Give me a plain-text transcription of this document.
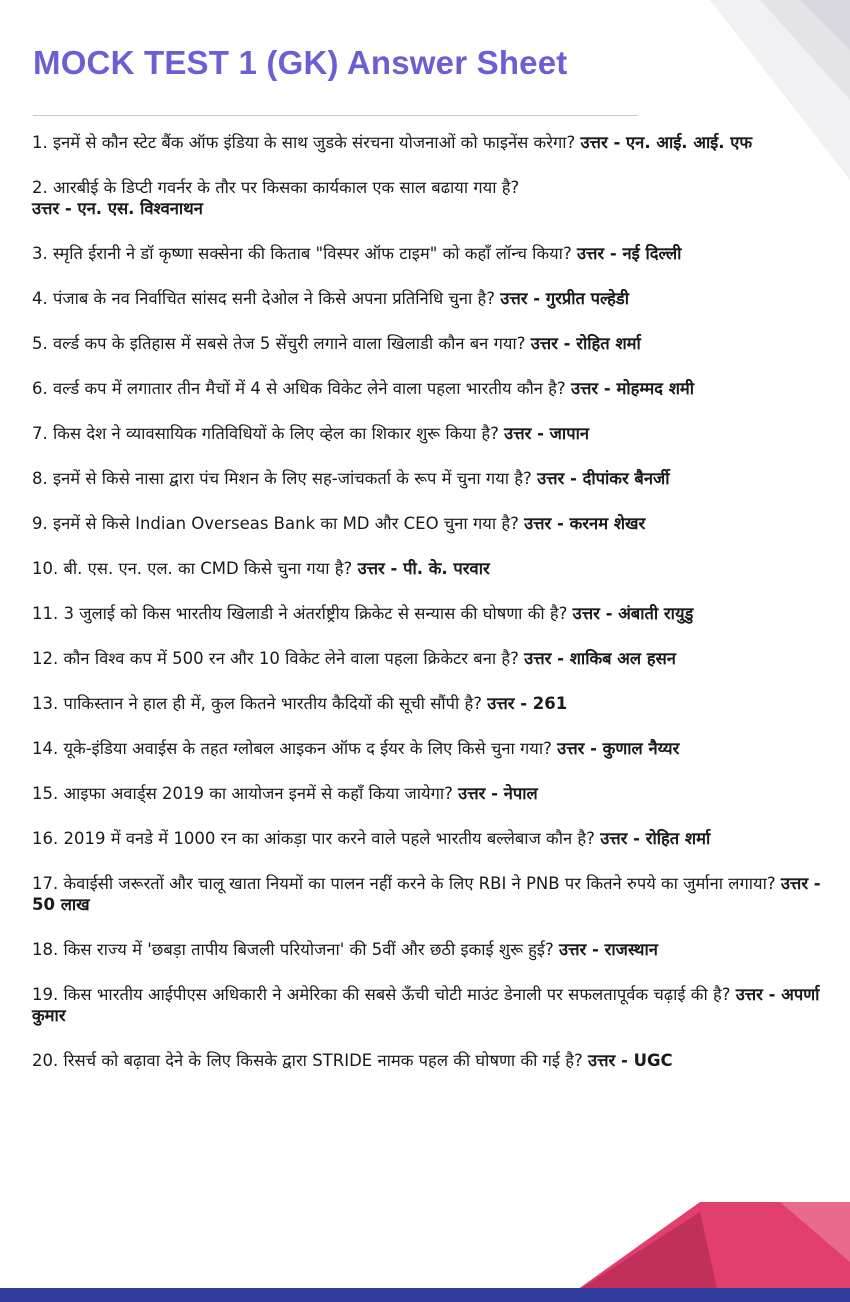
MOCK TEST 1 (GK) Answer Sheet
1. इनमें से कौन स्टेट बैंक ऑफ इंडिया के साथ जुडके संरचना योजनाओं को फाइनेंस करेगा? उत्तर - एन. आई. आई. एफ
2. आरबीई के डिप्टी गवर्नर के तौर पर किसका कार्यकाल एक साल बढाया गया है?
उत्तर - एन. एस. विश्वनाथन
3. स्मृति ईरानी ने डॉ कृष्णा सक्सेना की किताब "विस्पर ऑफ टाइम" को कहाँ लॉन्च किया? उत्तर - नई दिल्ली
4. पंजाब के नव निर्वाचित सांसद सनी देओल ने किसे अपना प्रतिनिधि चुना है? उत्तर - गुरप्रीत पल्हेडी
5. वर्ल्ड कप के इतिहास में सबसे तेज 5 सेंचुरी लगाने वाला खिलाडी कौन बन गया? उत्तर - रोहित शर्मा
6. वर्ल्ड कप में लगातार तीन मैचों में 4 से अधिक विकेट लेने वाला पहला भारतीय कौन है? उत्तर - मोहम्मद शमी
7. किस देश ने व्यावसायिक गतिविधियों के लिए व्हेल का शिकार शुरू किया है? उत्तर - जापान
8. इनमें से किसे नासा द्वारा पंच मिशन के लिए सह-जांचकर्ता के रूप में चुना गया है? उत्तर - दीपांकर बैनर्जी
9. इनमें से किसे Indian Overseas Bank का MD और CEO चुना गया है? उत्तर - करनम शेखर
10. बी. एस. एन. एल. का CMD किसे चुना गया है? उत्तर - पी. के. परवार
11. 3 जुलाई को किस भारतीय खिलाडी ने अंतर्राष्ट्रीय क्रिकेट से सन्यास की घोषणा की है? उत्तर - अंबाती रायुडु
12. कौन विश्व कप में 500 रन और 10 विकेट लेने वाला पहला क्रिकेटर बना है? उत्तर - शाकिब अल हसन
13. पाकिस्तान ने हाल ही में, कुल कितने भारतीय कैदियों की सूची सौंपी है? उत्तर - 261
14. यूके-इंडिया अवाईस के तहत ग्लोबल आइकन ऑफ द ईयर के लिए किसे चुना गया? उत्तर - कुणाल नैय्यर
15. आइफा अवार्ड्स 2019 का आयोजन इनमें से कहाँ किया जायेगा? उत्तर - नेपाल
16. 2019 में वनडे में 1000 रन का आंकड़ा पार करने वाले पहले भारतीय बल्लेबाज कौन है? उत्तर - रोहित शर्मा
17. केवाईसी जरूरतों और चालू खाता नियमों का पालन नहीं करने के लिए RBI ने PNB पर कितने रुपये का जुर्माना लगाया? उत्तर - 50 लाख
18. किस राज्य में 'छबड़ा तापीय बिजली परियोजना' की 5वीं और छठी इकाई शुरू हुई? उत्तर - राजस्थान
19. किस भारतीय आईपीएस अधिकारी ने अमेरिका की सबसे ऊँची चोटी माउंट डेनाली पर सफलतापूर्वक चढ़ाई की है? उत्तर - अपर्णा कुमार
20. रिसर्च को बढ़ावा देने के लिए किसके द्वारा STRIDE नामक पहल की घोषणा की गई है? उत्तर - UGC
